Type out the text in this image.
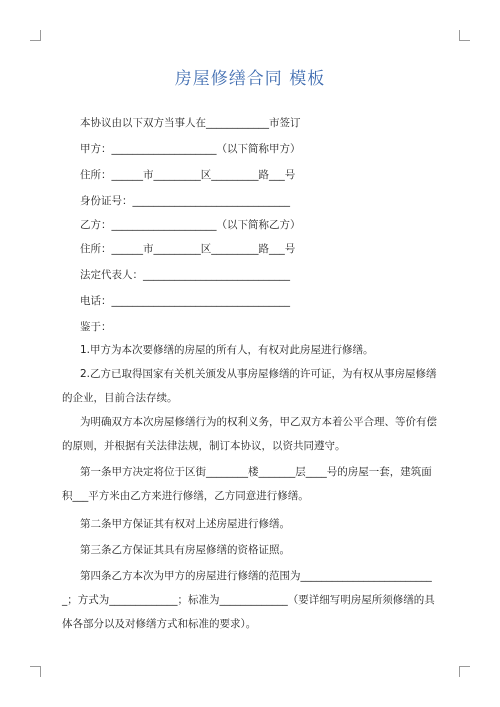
房屋修缮合同 模板
本协议由以下双方当事人在____________市签订
甲方：____________________（以下简称甲方）
住所：______市_________区_________路___号
身份证号：______________________________
乙方：____________________（以下简称乙方）
住所：______市_________区_________路___号
法定代表人：____________________________
电话：__________________________________
鉴于：
1.甲方为本次要修缮的房屋的所有人，有权对此房屋进行修缮。
2.乙方已取得国家有关机关颁发从事房屋修缮的许可证，为有权从事房屋修缮的企业，目前合法存续。
为明确双方本次房屋修缮行为的权利义务，甲乙双方本着公平合理、等价有偿的原则，并根据有关法律法规，制订本协议，以资共同遵守。
第一条甲方决定将位于区街________楼_______层____号的房屋一套，建筑面积___平方米由乙方来进行修缮，乙方同意进行修缮。
第二条甲方保证其有权对上述房屋进行修缮。
第三条乙方保证其具有房屋修缮的资格证照。
第四条乙方本次为甲方的房屋进行修缮的范围为__________________________；方式为_____________；标准为_____________（要详细写明房屋所须修缮的具体各部分以及对修缮方式和标准的要求）。
